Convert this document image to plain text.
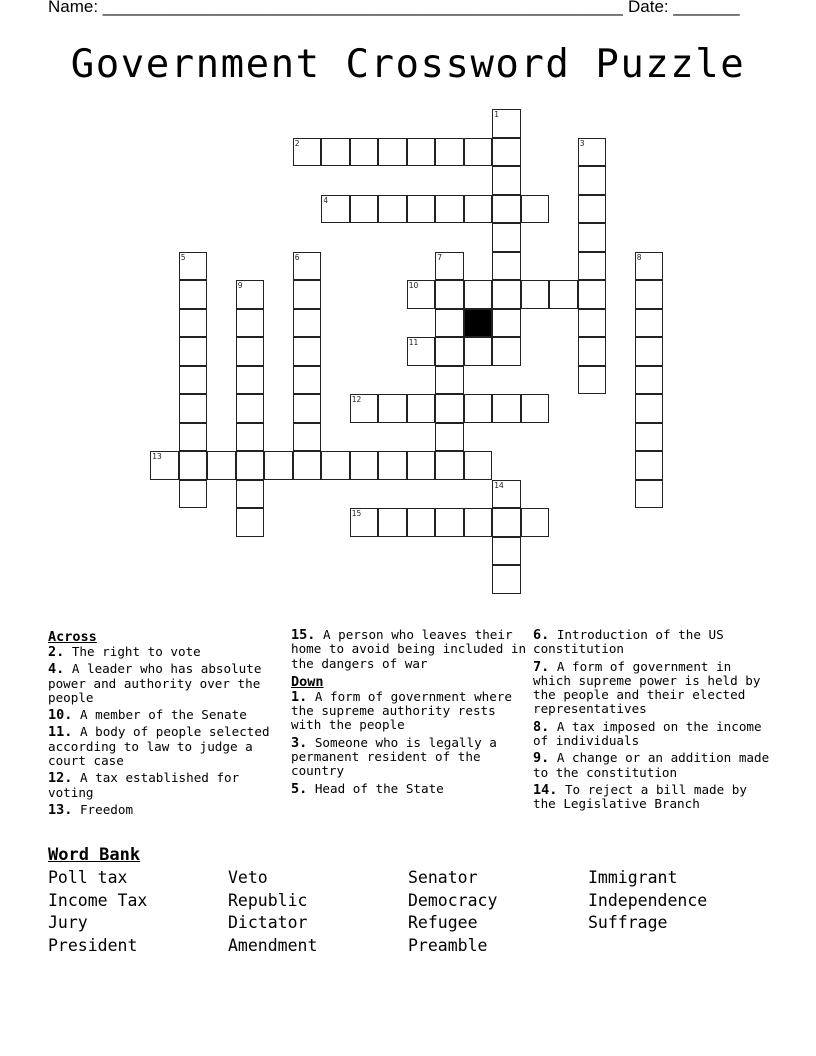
Name: _______________________________________________________ Date: _______
Government Crossword Puzzle
1
2	3
4
5	6	7	8
9	10
11
12
13
14
15
Across
2. The right to vote
4. A leader who has absolute power and authority over the people
10. A member of the Senate
11. A body of people selected according to law to judge a court case
12. A tax established for voting
13. Freedom
15. A person who leaves their home to avoid being included in the dangers of war
Down
1. A form of government where the supreme authority rests with the people
3. Someone who is legally a permanent resident of the country
5. Head of the State
6. Introduction of the US constitution
7. A form of government in which supreme power is held by the people and their elected representatives
8. A tax imposed on the income of individuals
9. A change or an addition made to the constitution
14. To reject a bill made by the Legislative Branch
Word Bank
Poll tax	Veto	Senator	Immigrant
Income Tax	Republic	Democracy	Independence
Jury	Dictator	Refugee	Suffrage
President	Amendment	Preamble
